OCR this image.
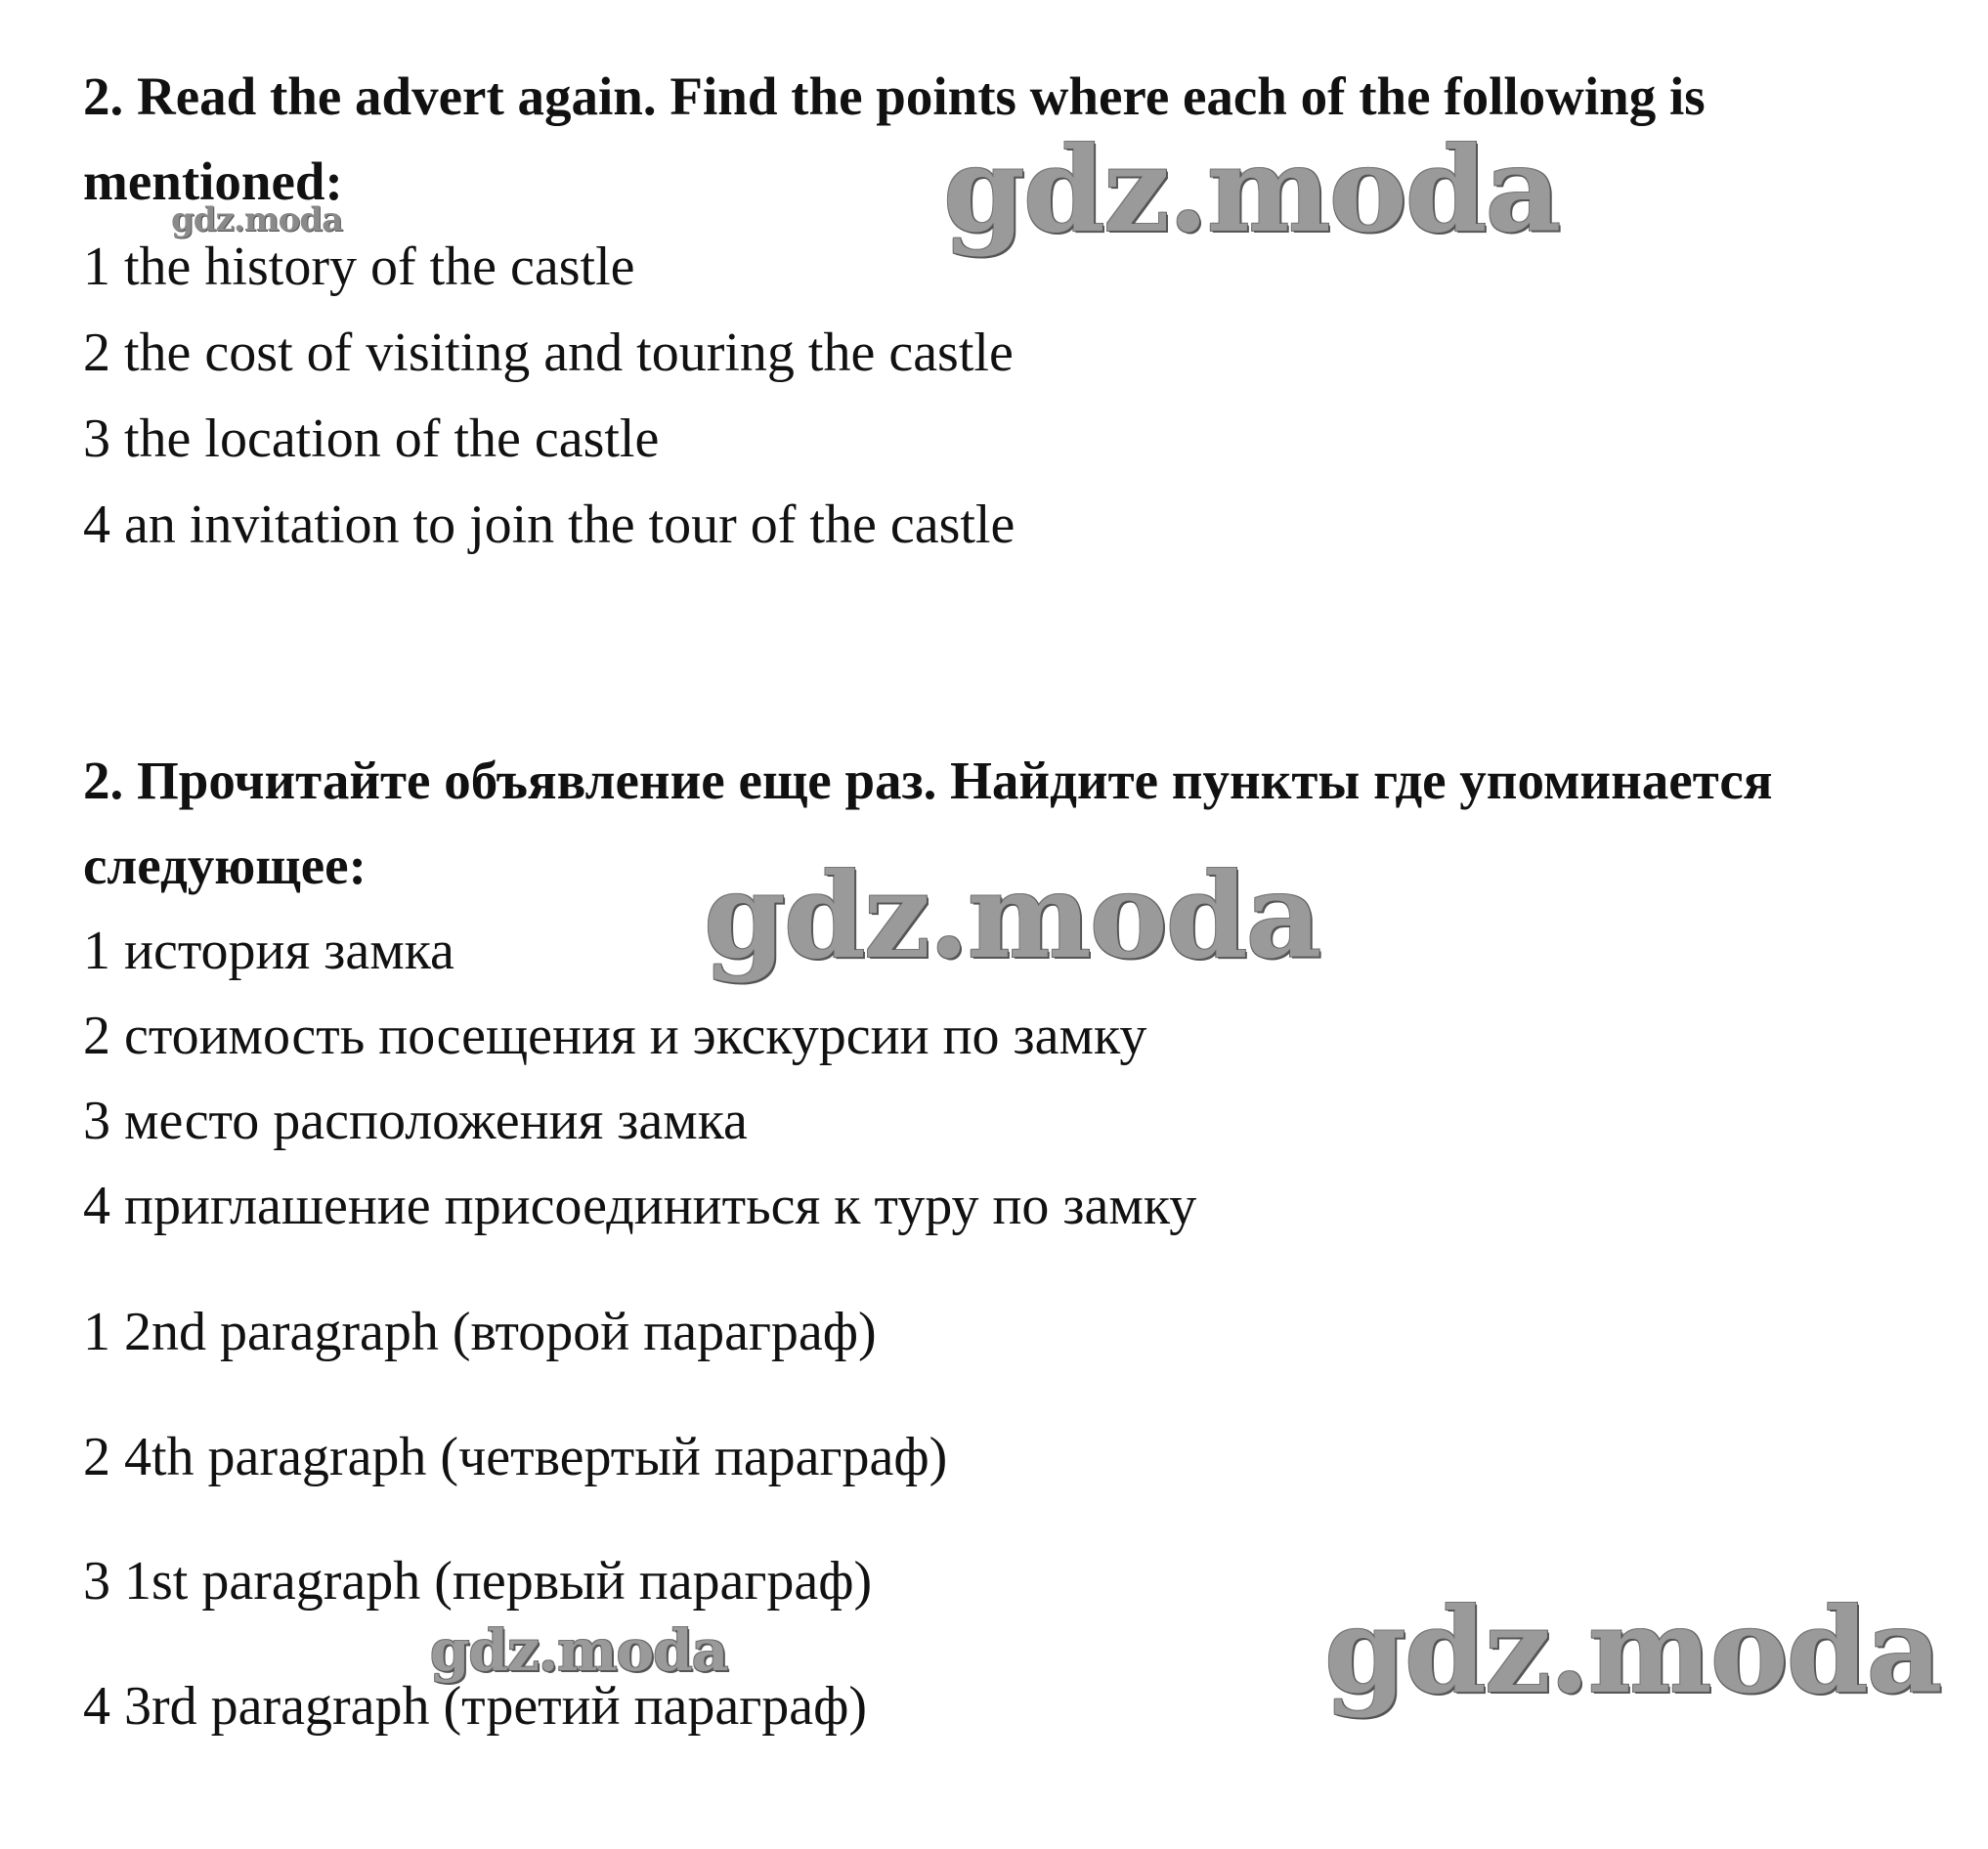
2. Read the advert again. Find the points where each of the following is
mentioned:
1 the history of the castle
2 the cost of visiting and touring the castle
3 the location of the castle
4 an invitation to join the tour of the castle
2. Прочитайте объявление еще раз. Найдите пункты где упоминается
следующее:
1 история замка
2 стоимость посещения и экскурсии по замку
3 место расположения замка
4 приглашение присоединиться к туру по замку
1 2nd paragraph (второй параграф)
2 4th paragraph (четвертый параграф)
3 1st paragraph (первый параграф)
4 3rd paragraph (третий параграф)
gdz.moda
gdz.moda
gdz.moda
gdz.moda	gdz.moda
